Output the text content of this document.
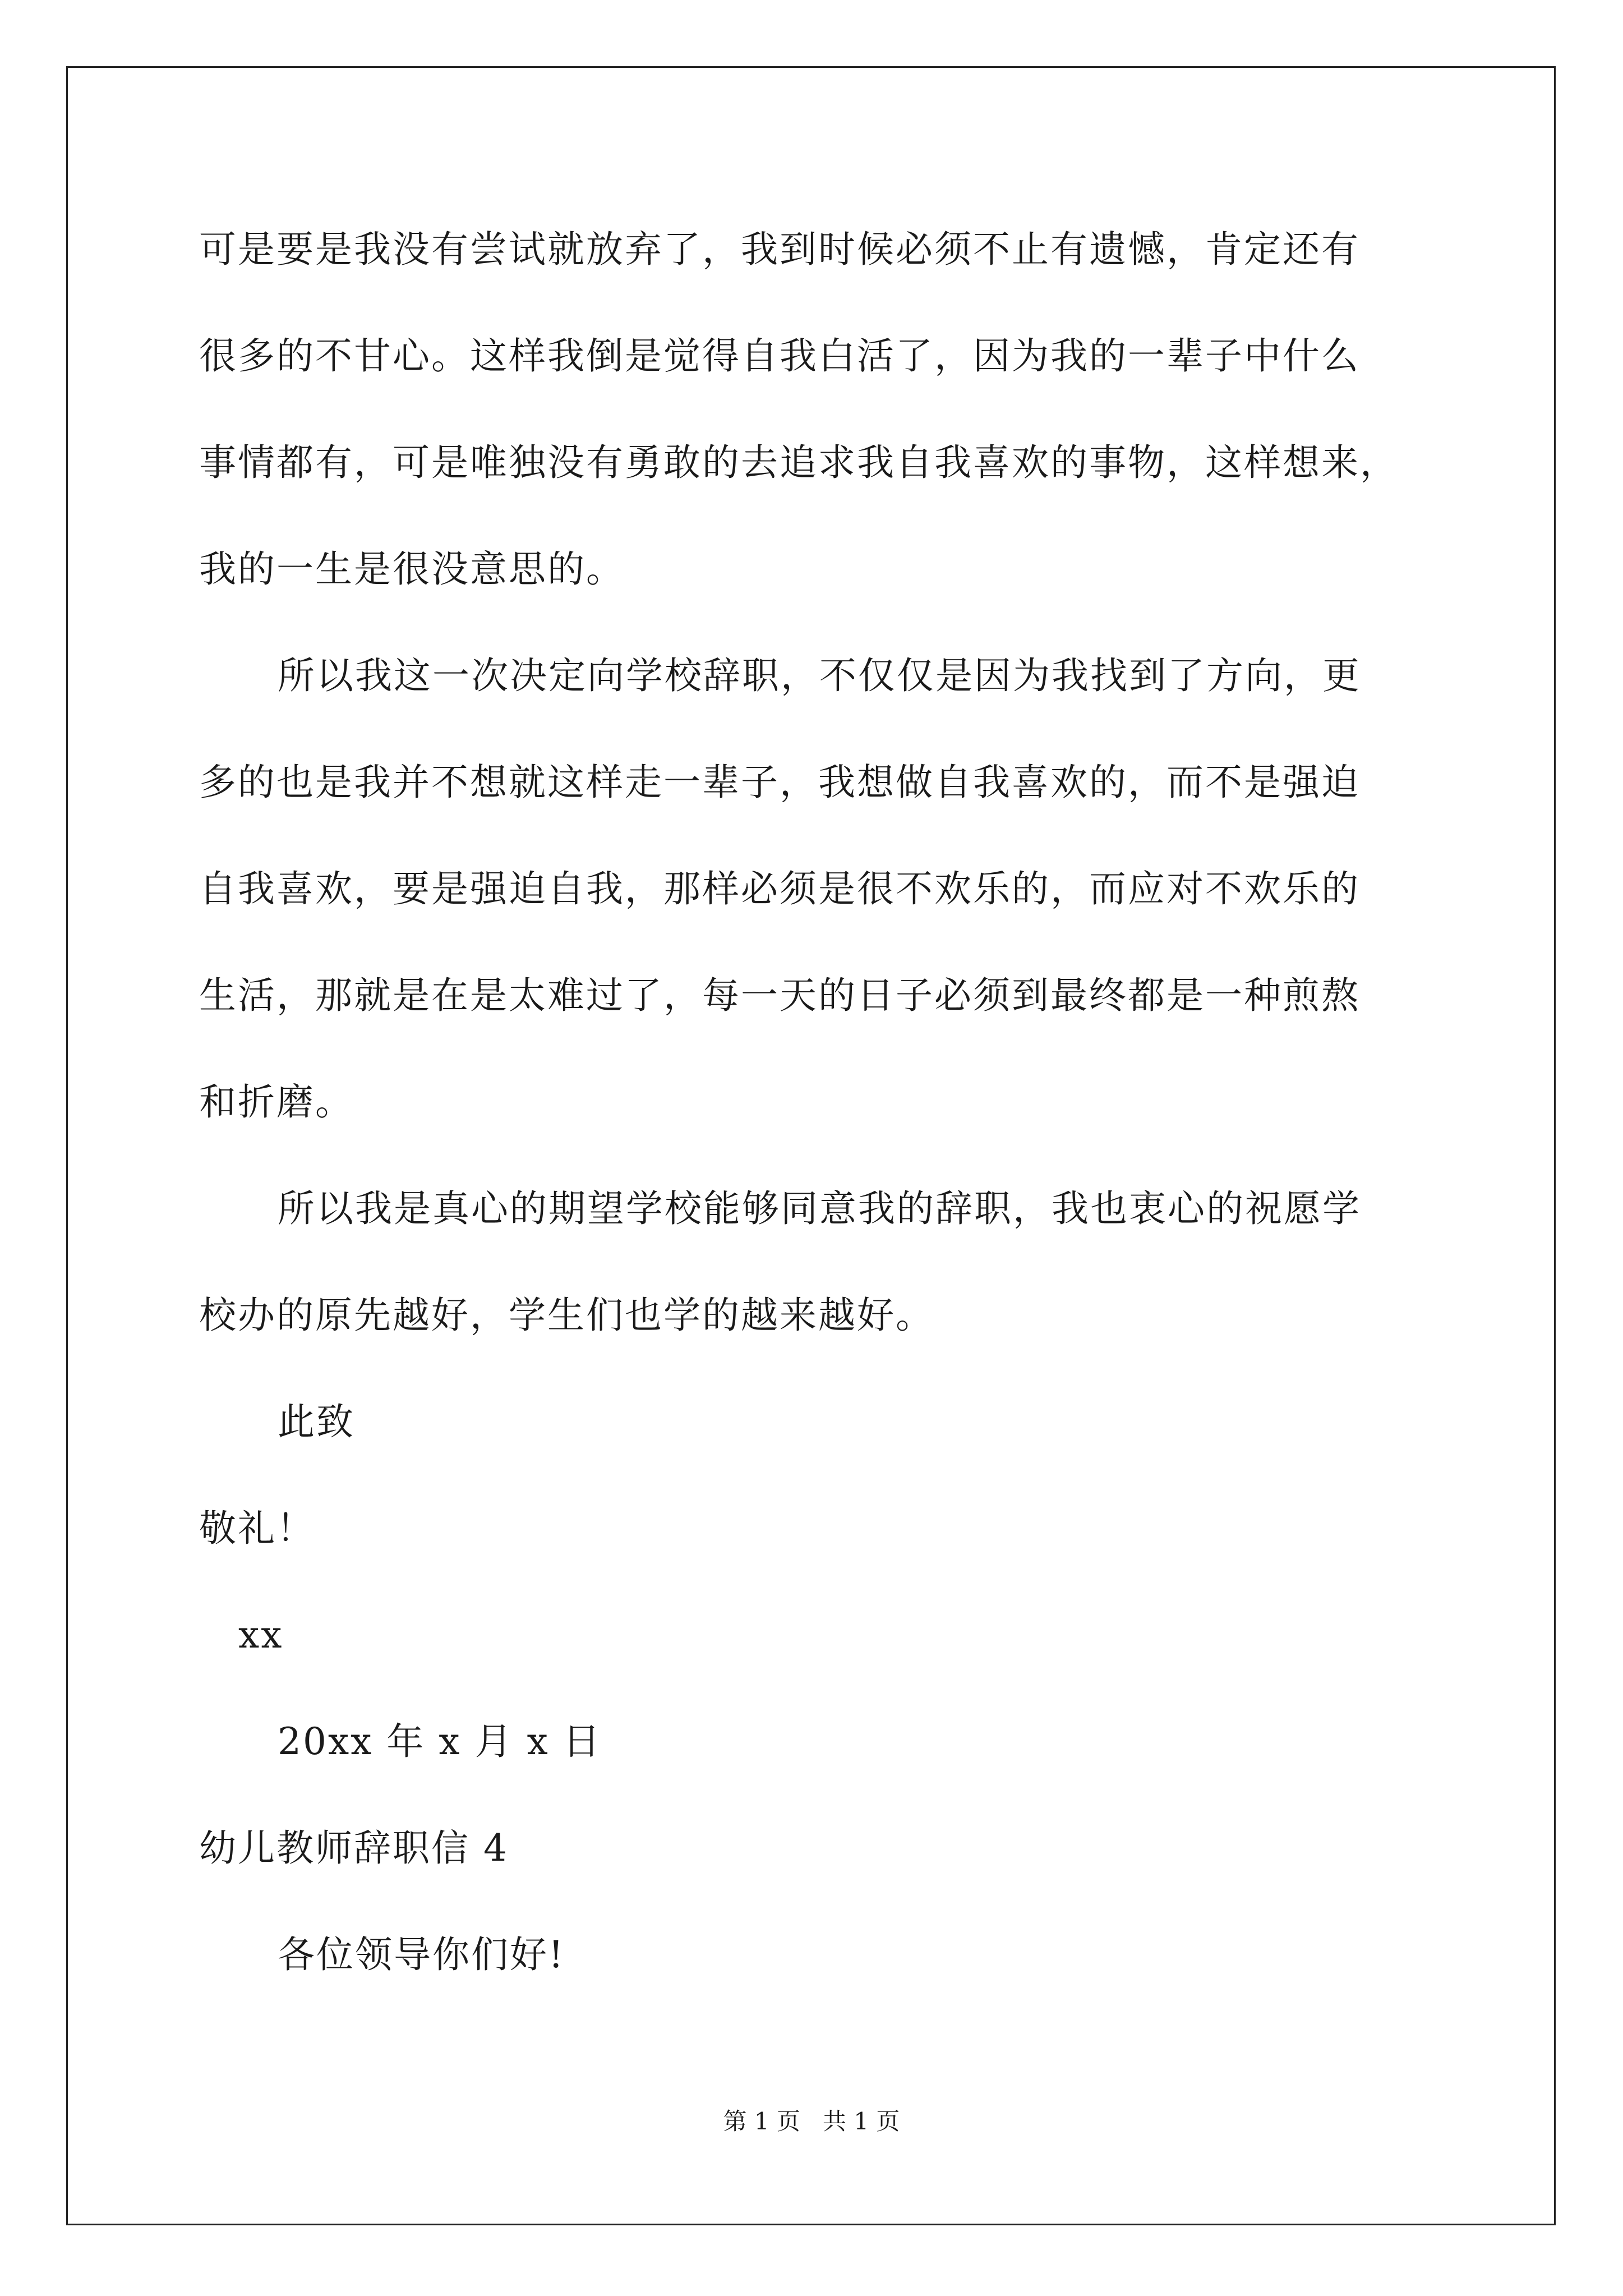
可是要是我没有尝试就放弃了，我到时候必须不止有遗憾，肯定还有
很多的不甘心。这样我倒是觉得自我白活了，因为我的一辈子中什么
事情都有，可是唯独没有勇敢的去追求我自我喜欢的事物，这样想来，
我的一生是很没意思的。
所以我这一次决定向学校辞职，不仅仅是因为我找到了方向，更
多的也是我并不想就这样走一辈子，我想做自我喜欢的，而不是强迫
自我喜欢，要是强迫自我，那样必须是很不欢乐的，而应对不欢乐的
生活，那就是在是太难过了，每一天的日子必须到最终都是一种煎熬
和折磨。
所以我是真心的期望学校能够同意我的辞职，我也衷心的祝愿学
校办的原先越好，学生们也学的越来越好。
此致
敬礼！
xx
20xx 年 x 月 x 日
幼儿教师辞职信 4
各位领导你们好!
第 1 页 共 1 页
